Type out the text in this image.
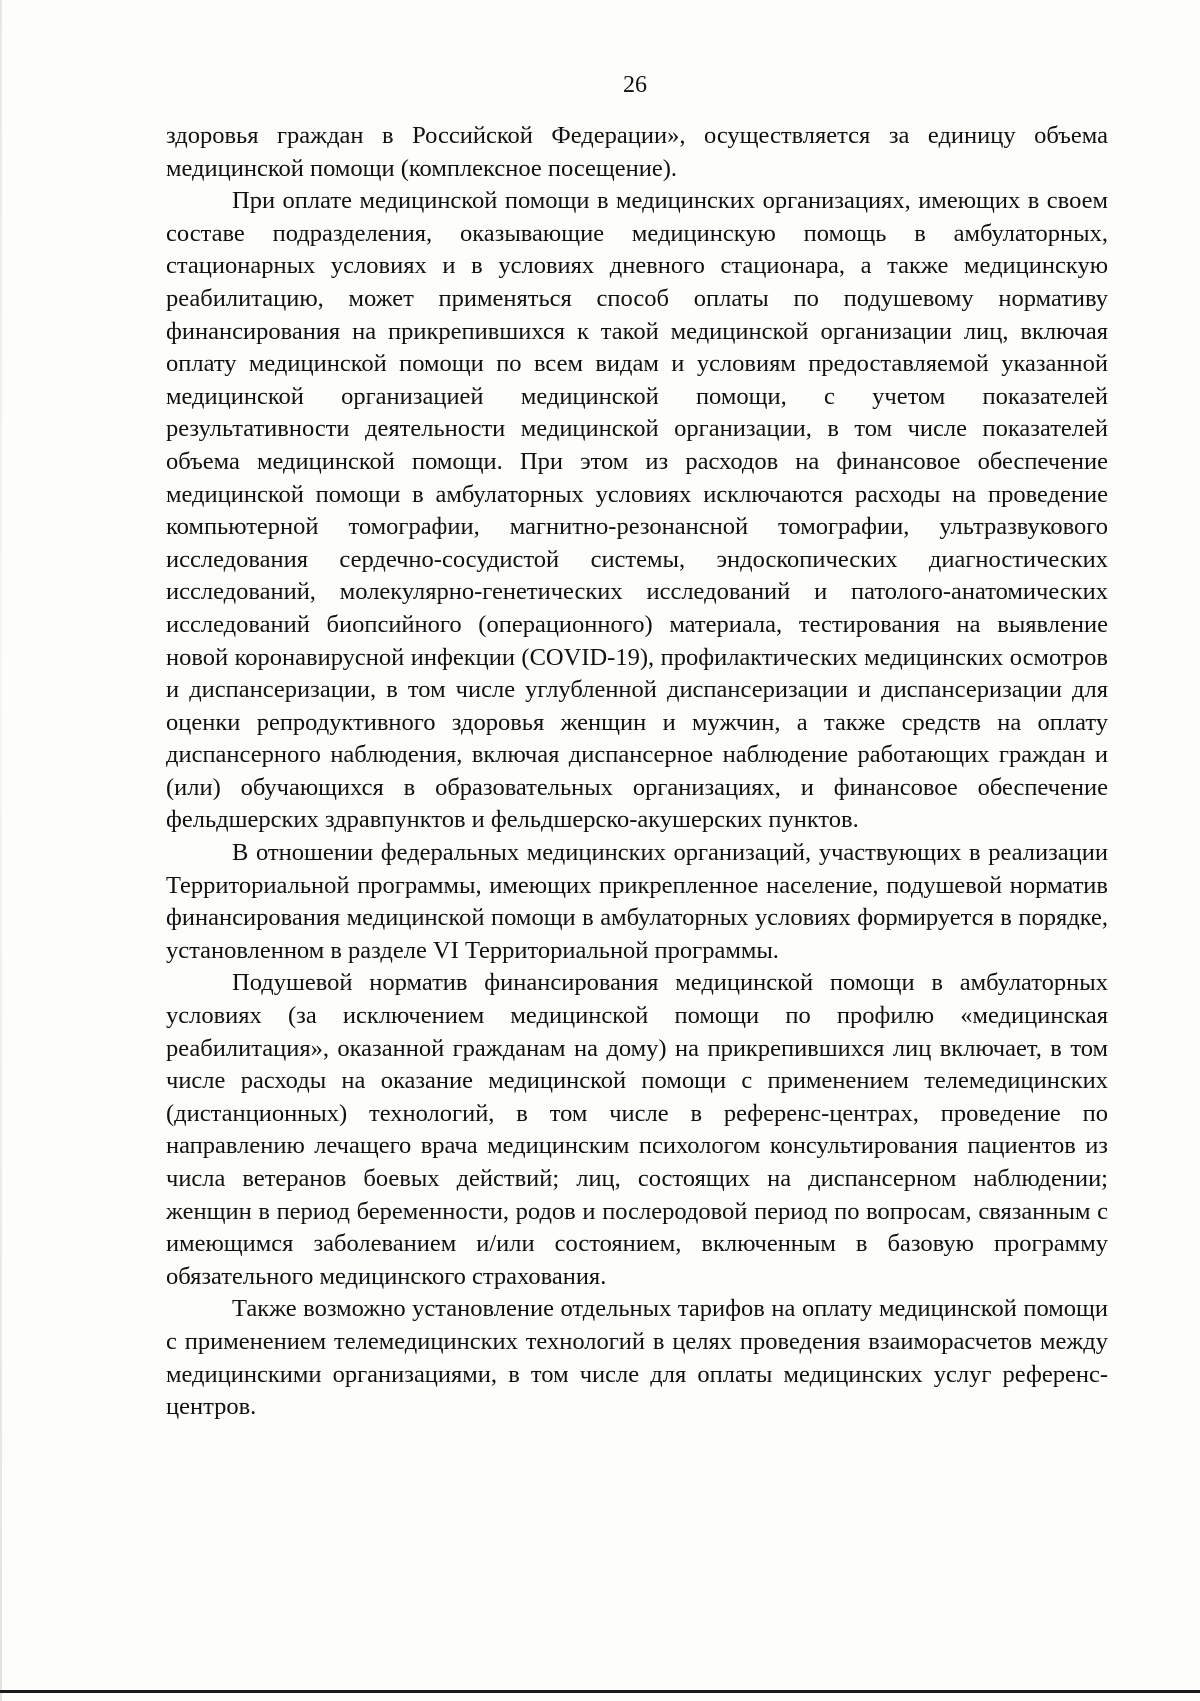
26

здоровья граждан в Российской Федерации», осуществляется за единицу объема медицинской помощи (комплексное посещение).

При оплате медицинской помощи в медицинских организациях, имеющих в своем составе подразделения, оказывающие медицинскую помощь в амбулаторных, стационарных условиях и в условиях дневного стационара, а также медицинскую реабилитацию, может применяться способ оплаты по подушевому нормативу финансирования на прикрепившихся к такой медицинской организации лиц, включая оплату медицинской помощи по всем видам и условиям предоставляемой указанной медицинской организацией медицинской помощи, с учетом показателей результативности деятельности медицинской организации, в том числе показателей объема медицинской помощи. При этом из расходов на финансовое обеспечение медицинской помощи в амбулаторных условиях исключаются расходы на проведение компьютерной томографии, магнитно-резонансной томографии, ультразвукового исследования сердечно-сосудистой системы, эндоскопических диагностических исследований, молекулярно-генетических исследований и патолого-анатомических исследований биопсийного (операционного) материала, тестирования на выявление новой коронавирусной инфекции (COVID-19), профилактических медицинских осмотров и диспансеризации, в том числе углубленной диспансеризации и диспансеризации для оценки репродуктивного здоровья женщин и мужчин, а также средств на оплату диспансерного наблюдения, включая диспансерное наблюдение работающих граждан и (или) обучающихся в образовательных организациях, и финансовое обеспечение фельдшерских здравпунктов и фельдшерско-акушерских пунктов.

В отношении федеральных медицинских организаций, участвующих в реализации Территориальной программы, имеющих прикрепленное население, подушевой норматив финансирования медицинской помощи в амбулаторных условиях формируется в порядке, установленном в разделе VI Территориальной программы.

Подушевой норматив финансирования медицинской помощи в амбулаторных условиях (за исключением медицинской помощи по профилю «медицинская реабилитация», оказанной гражданам на дому) на прикрепившихся лиц включает, в том числе расходы на оказание медицинской помощи с применением телемедицинских (дистанционных) технологий, в том числе в референс-центрах, проведение по направлению лечащего врача медицинским психологом консультирования пациентов из числа ветеранов боевых действий; лиц, состоящих на диспансерном наблюдении; женщин в период беременности, родов и послеродовой период по вопросам, связанным с имеющимся заболеванием и/или состоянием, включенным в базовую программу обязательного медицинского страхования.

Также возможно установление отдельных тарифов на оплату медицинской помощи с применением телемедицинских технологий в целях проведения взаиморасчетов между медицинскими организациями, в том числе для оплаты медицинских услуг референс-центров.
